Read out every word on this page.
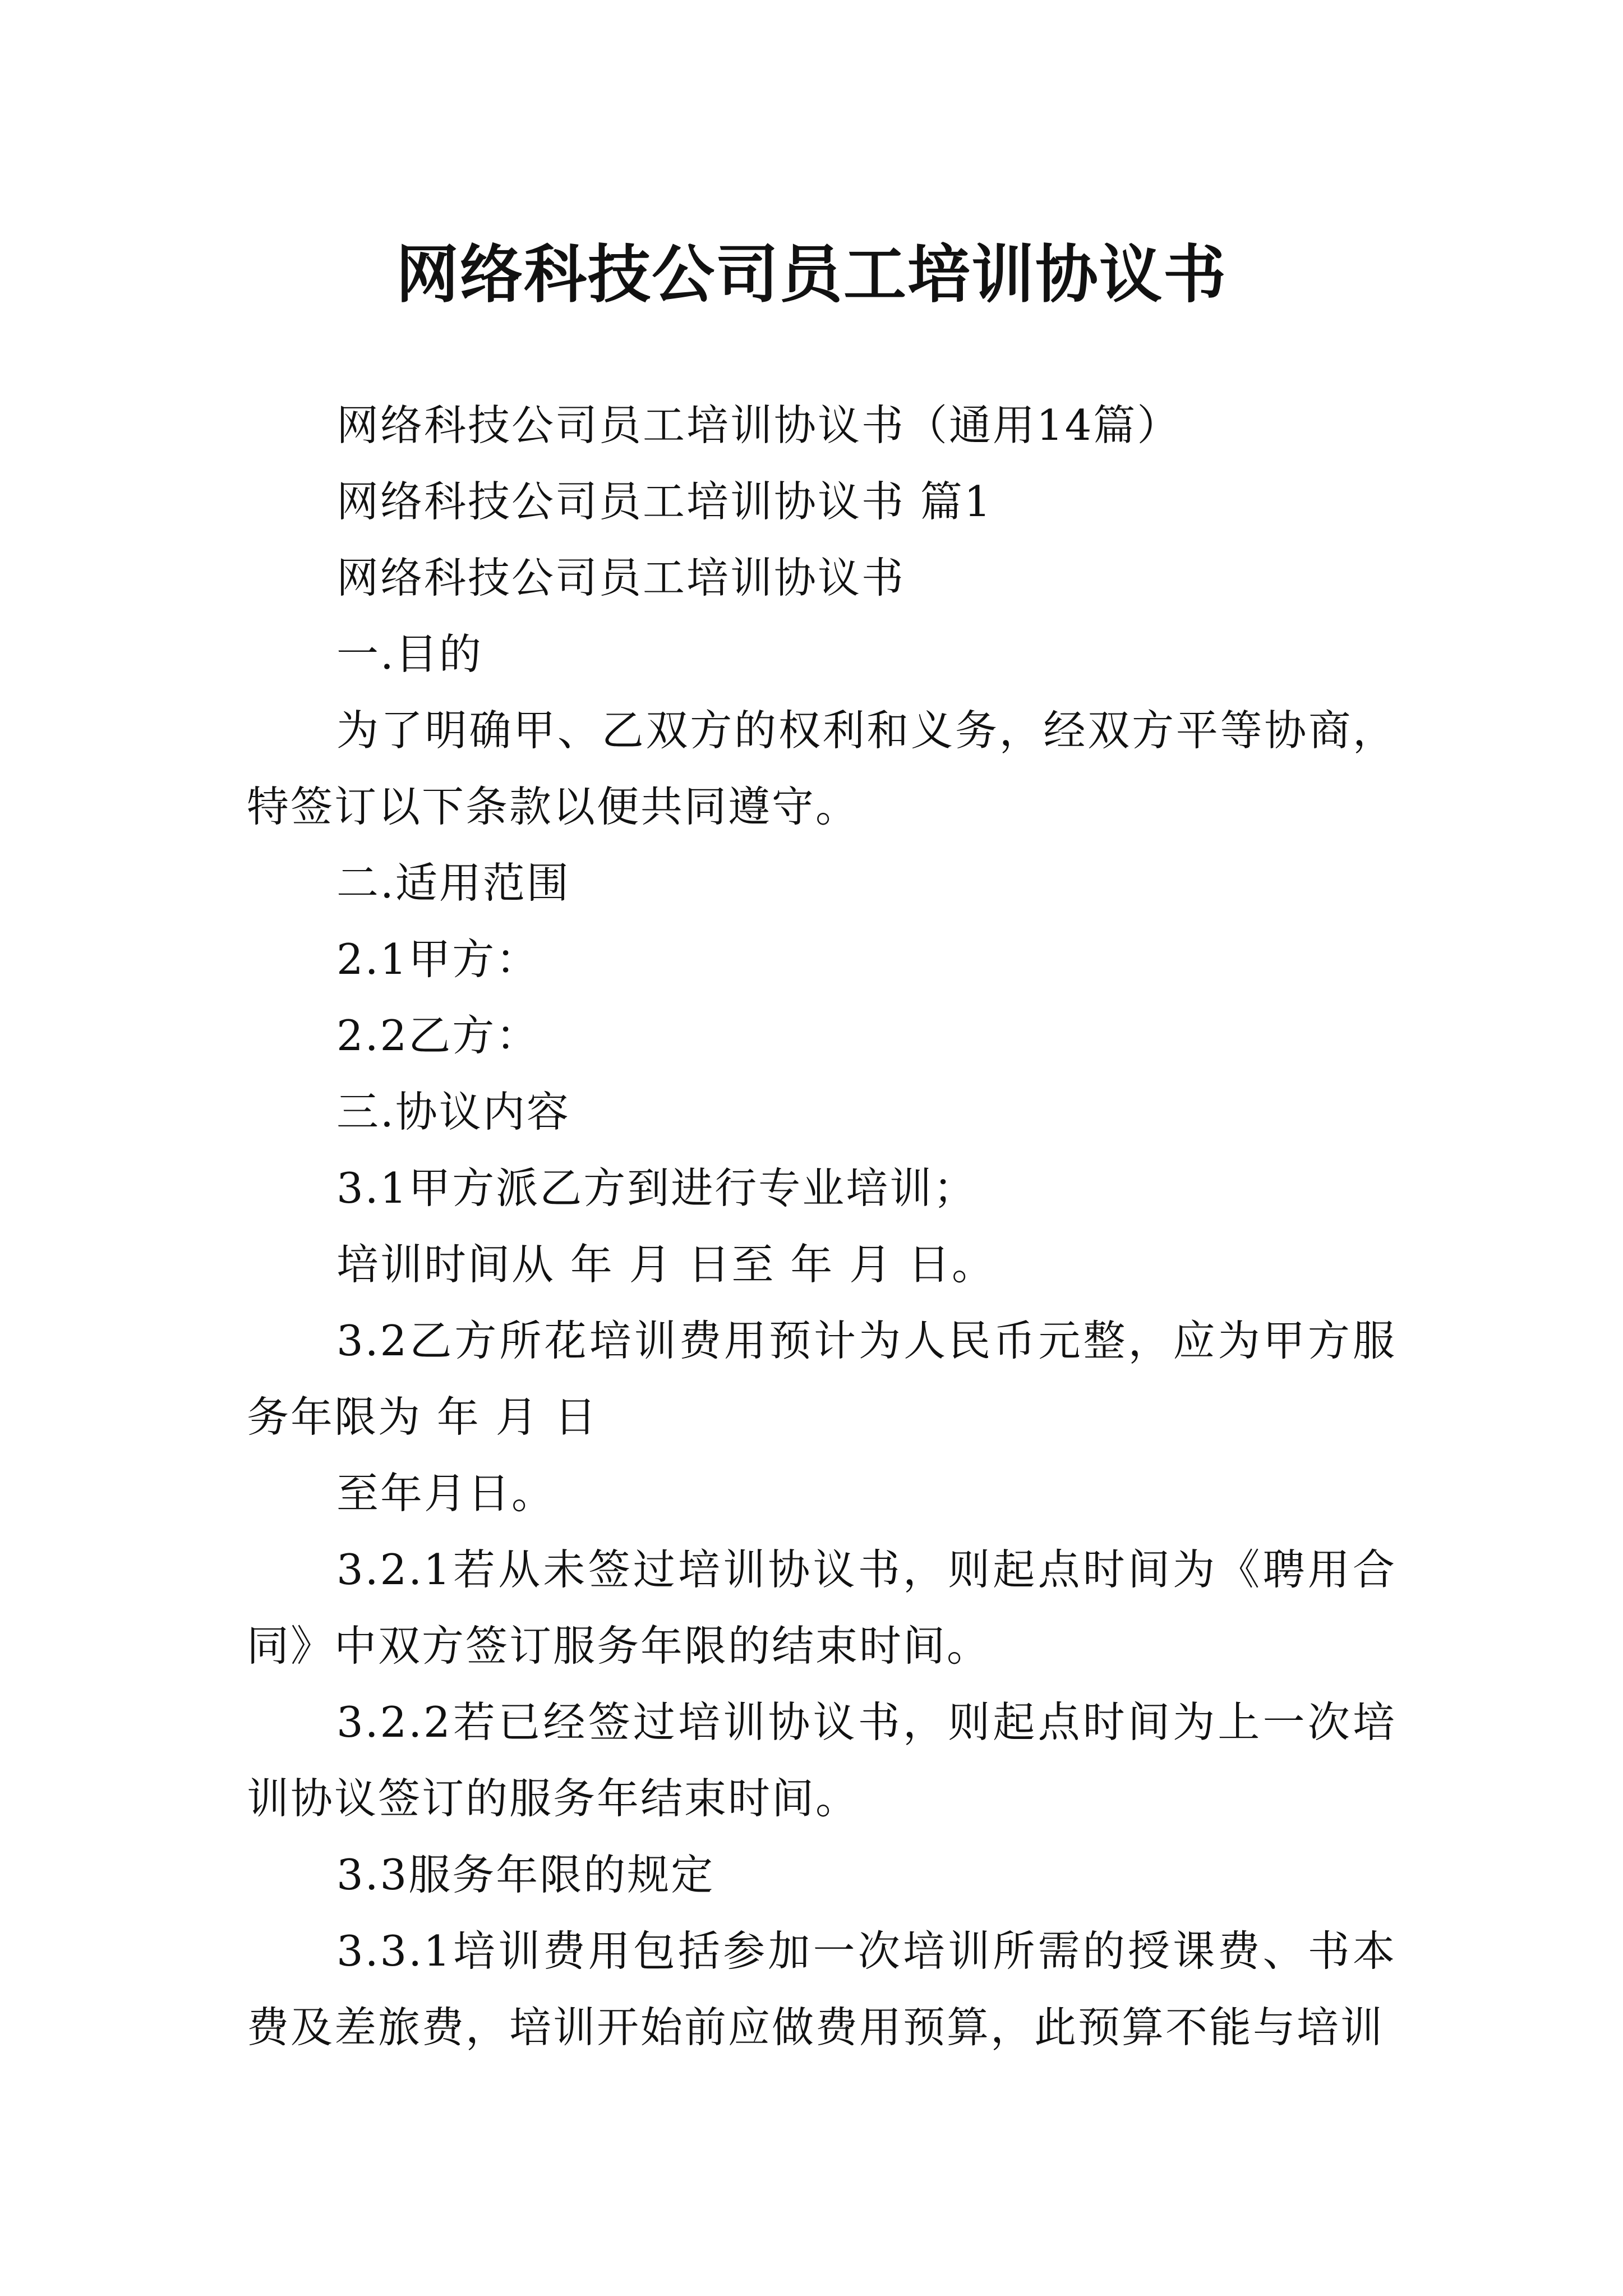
网络科技公司员工培训协议书

网络科技公司员工培训协议书（通用14篇）

网络科技公司员工培训协议书 篇1

网络科技公司员工培训协议书

一.目的

为了明确甲、乙双方的权利和义务，经双方平等协商，特签订以下条款以便共同遵守。

二.适用范围

2.1甲方：

2.2乙方：

三.协议内容

3.1甲方派乙方到进行专业培训；

培训时间从 年 月 日至 年 月 日。

3.2乙方所花培训费用预计为人民币元整，应为甲方服务年限为 年 月 日

至年月日。

3.2.1若从未签过培训协议书，则起点时间为《聘用合同》中双方签订服务年限的结束时间。

3.2.2若已经签过培训协议书，则起点时间为上一次培训协议签订的服务年结束时间。

3.3服务年限的规定

3.3.1培训费用包括参加一次培训所需的授课费、书本费及差旅费，培训开始前应做费用预算，此预算不能与培训
